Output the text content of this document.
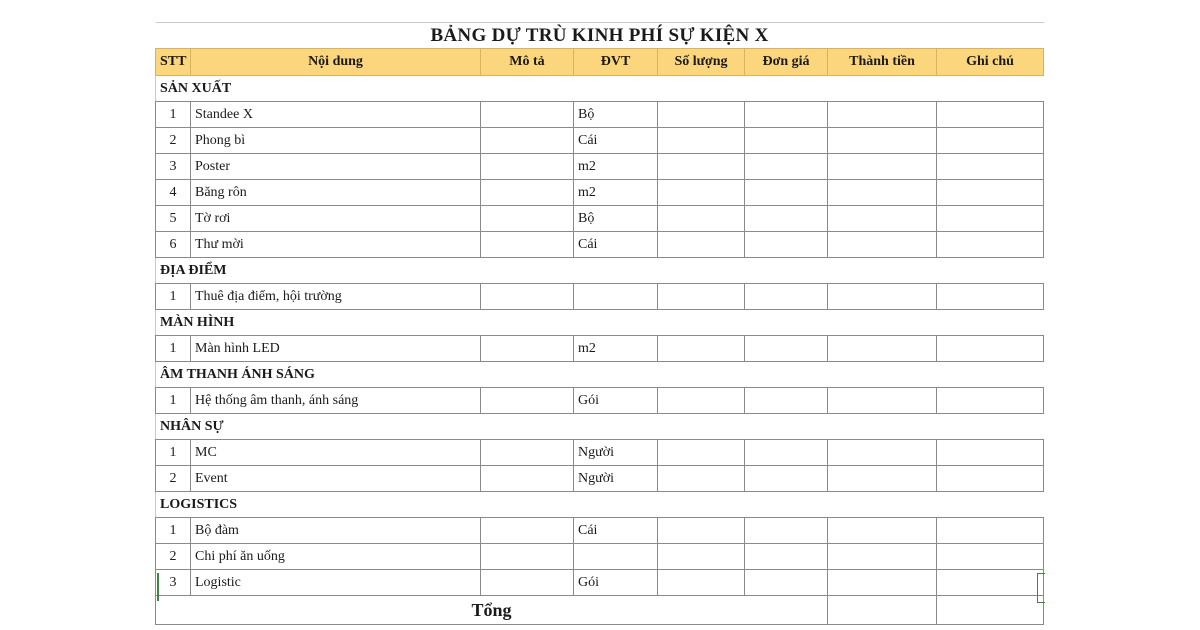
BẢNG DỰ TRÙ KINH PHÍ SỰ KIỆN X							
STT	Nội dung	Mô tả	ĐVT	Số lượng	Đơn giá	Thành tiền	Ghi chú
SẢN XUẤT							
1	Standee X		Bộ				
2	Phong bì		Cái				
3	Poster		m2				
4	Băng rôn		m2				
5	Tờ rơi		Bộ				
6	Thư mời		Cái				
ĐỊA ĐIỂM							
1	Thuê địa điểm, hội trường						
MÀN HÌNH							
1	Màn hình LED		m2				
ÂM THANH ÁNH SÁNG							
1	Hệ thống âm thanh, ánh sáng		Gói				
NHÂN SỰ							
1	MC		Người				
2	Event		Người				
LOGISTICS							
1	Bộ đàm		Cái				
2	Chi phí ăn uống						
3	Logistic		Gói				
Tổng							
